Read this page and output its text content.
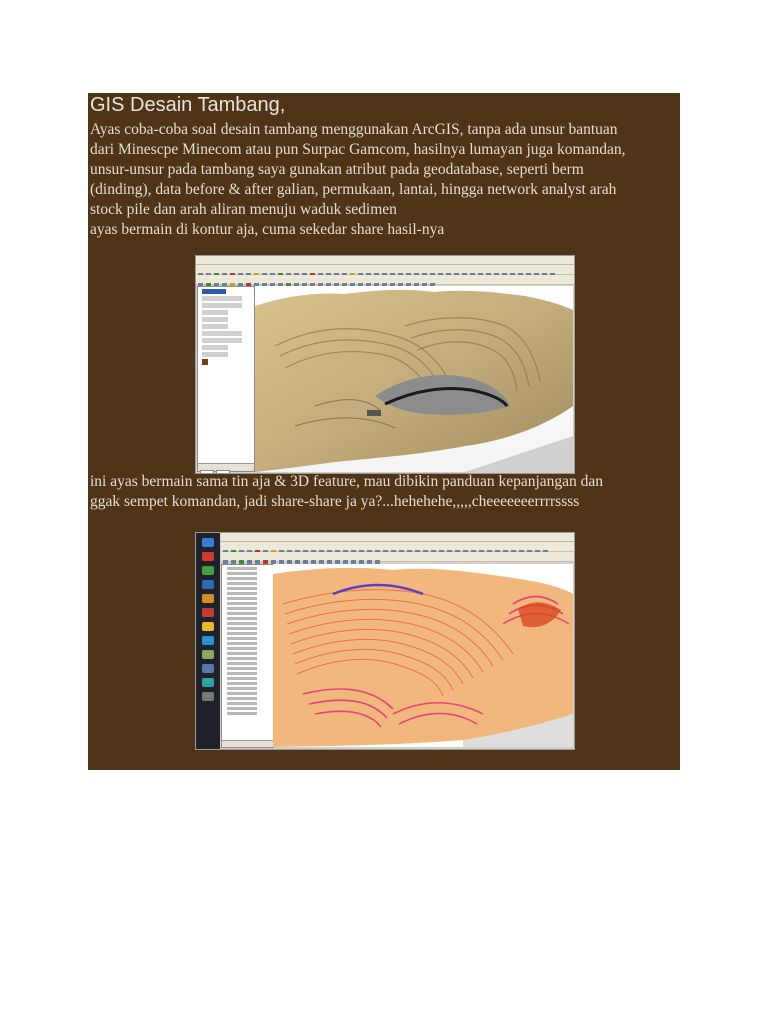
GIS Desain Tambang,
Ayas coba-coba soal desain tambang menggunakan ArcGIS, tanpa ada unsur bantuan
dari Minescpe Minecom atau pun Surpac Gamcom, hasilnya lumayan juga komandan,
unsur-unsur pada tambang saya gunakan atribut pada geodatabase, seperti berm
(dinding), data before & after galian, permukaan, lantai, hingga network analyst arah
stock pile dan arah aliran menuju waduk sedimen
ayas bermain di kontur aja, cuma sekedar share hasil-nya
ini ayas bermain sama tin aja & 3D feature, mau dibikin panduan kepanjangan dan
ggak sempet komandan, jadi share-share ja ya?...hehehehe,,,,,cheeeeeeerrrrssss
